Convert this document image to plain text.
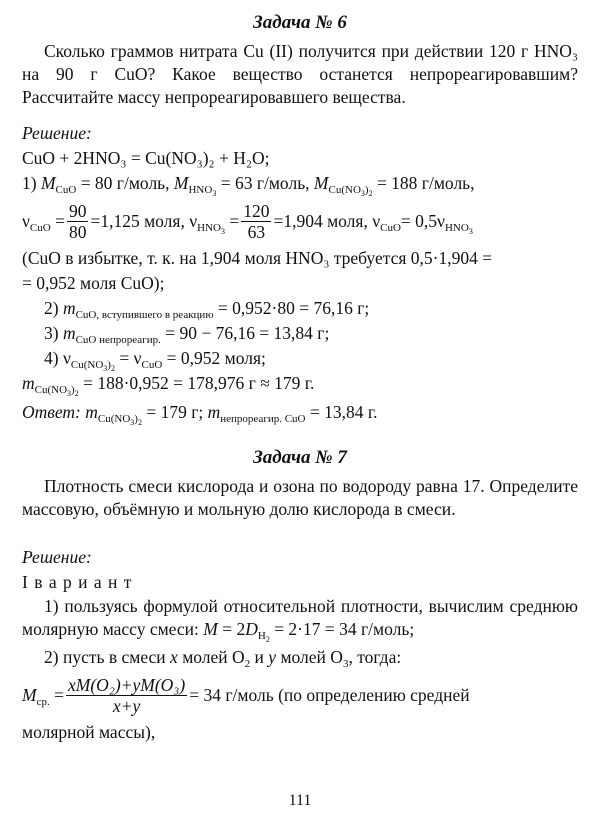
Задача № 6

Сколько граммов нитрата Cu (II) получится при действии 120 г HNO₃ на 90 г CuO? Какое вещество останется непрореагировавшим? Рассчитайте массу непрореагировавшего вещества.

Решение:
CuO + 2HNO₃ = Cu(NO₃)₂ + H₂O;
1) $M_{CuO} = 80$ г/моль, $M_{HNO_3} = 63$ г/моль, $M_{Cu(NO_3)_2} = 188$ г/моль,
$\nu_{CuO} = \frac{90}{80} =1,125$ моля, $\nu_{HNO_3} = \frac{120}{63} =1,904$ моля, $\nu_{CuO} = 0,5$ $\nu_{HNO_3}$
(CuO в избытке, т. к. на 1,904 моля HNO₃ требуется 0,5·1,904 =
= 0,952 моля CuO);
2) $m_{CuO, вступившего в реакцию} = 0,952\cdot 80 = 76,16$ г;
3) $m_{CuO непрореагир.} = 90 - 76,16 = 13,84$ г;
4) $\nu_{Cu(NO_3)_2} = \nu_{CuO} = 0,952$ моля;
$m_{Cu(NO_3)_2} = 188\cdot 0,952 = 178,976$ г ≈ 179 г.
Ответ: $m_{Cu(NO_3)_2} = 179$ г; $m_{непрореагир. CuO} = 13,84$ г.
Задача № 7

Плотность смеси кислорода и озона по водороду равна 17. Определите массовую, объёмную и мольную долю кислорода в смеси.

Решение:
I в а р и а н т

1) пользуясь формулой относительной плотности, вычислим среднюю молярную массу смеси: $M = 2D_{H_2} = 2\cdot 17 = 34$ г/моль;

2) пусть в смеси x молей $O_2$ и y молей $O_3$, тогда:
$M_{ср.} = \frac{\text{xM(O₂)+yM(O₃)}}{x+y} = 34$ г/моль (по определению средней
молярной массы),
111
